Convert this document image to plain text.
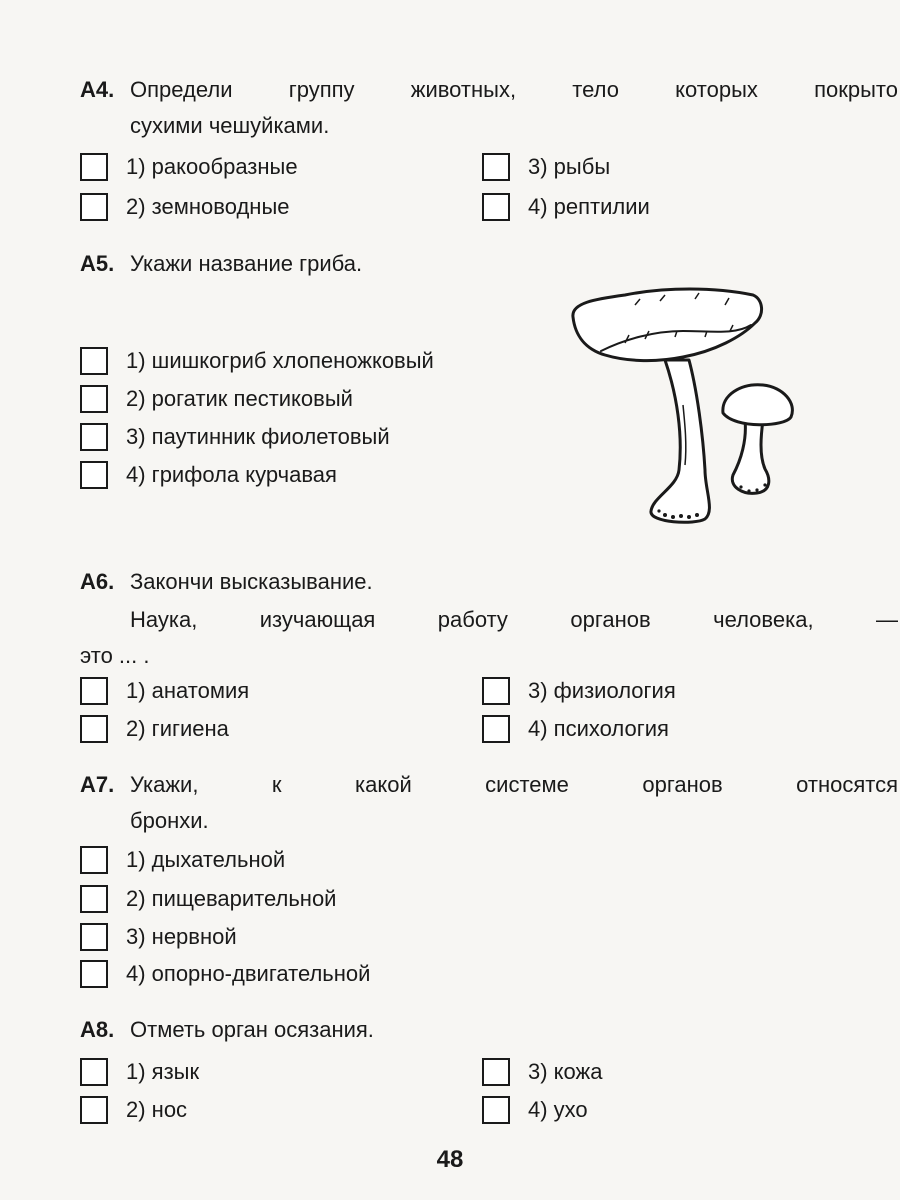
А4. Определи группу животных, тело которых покрыто
сухими чешуйками.
1) ракообразные	3) рыбы
2) земноводные	4) рептилии
А5. Укажи название гриба.
1) шишкогриб хлопеножковый
2) рогатик пестиковый
3) паутинник фиолетовый
4) грифола курчавая
А6. Закончи высказывание.
Наука, изучающая работу органов человека, —
это ... .
1) анатомия	3) физиология
2) гигиена	4) психология
А7. Укажи, к какой системе органов относятся
бронхи.
1) дыхательной
2) пищеварительной
3) нервной
4) опорно-двигательной
А8. Отметь орган осязания.
1) язык	3) кожа
2) нос	4) ухо
48
